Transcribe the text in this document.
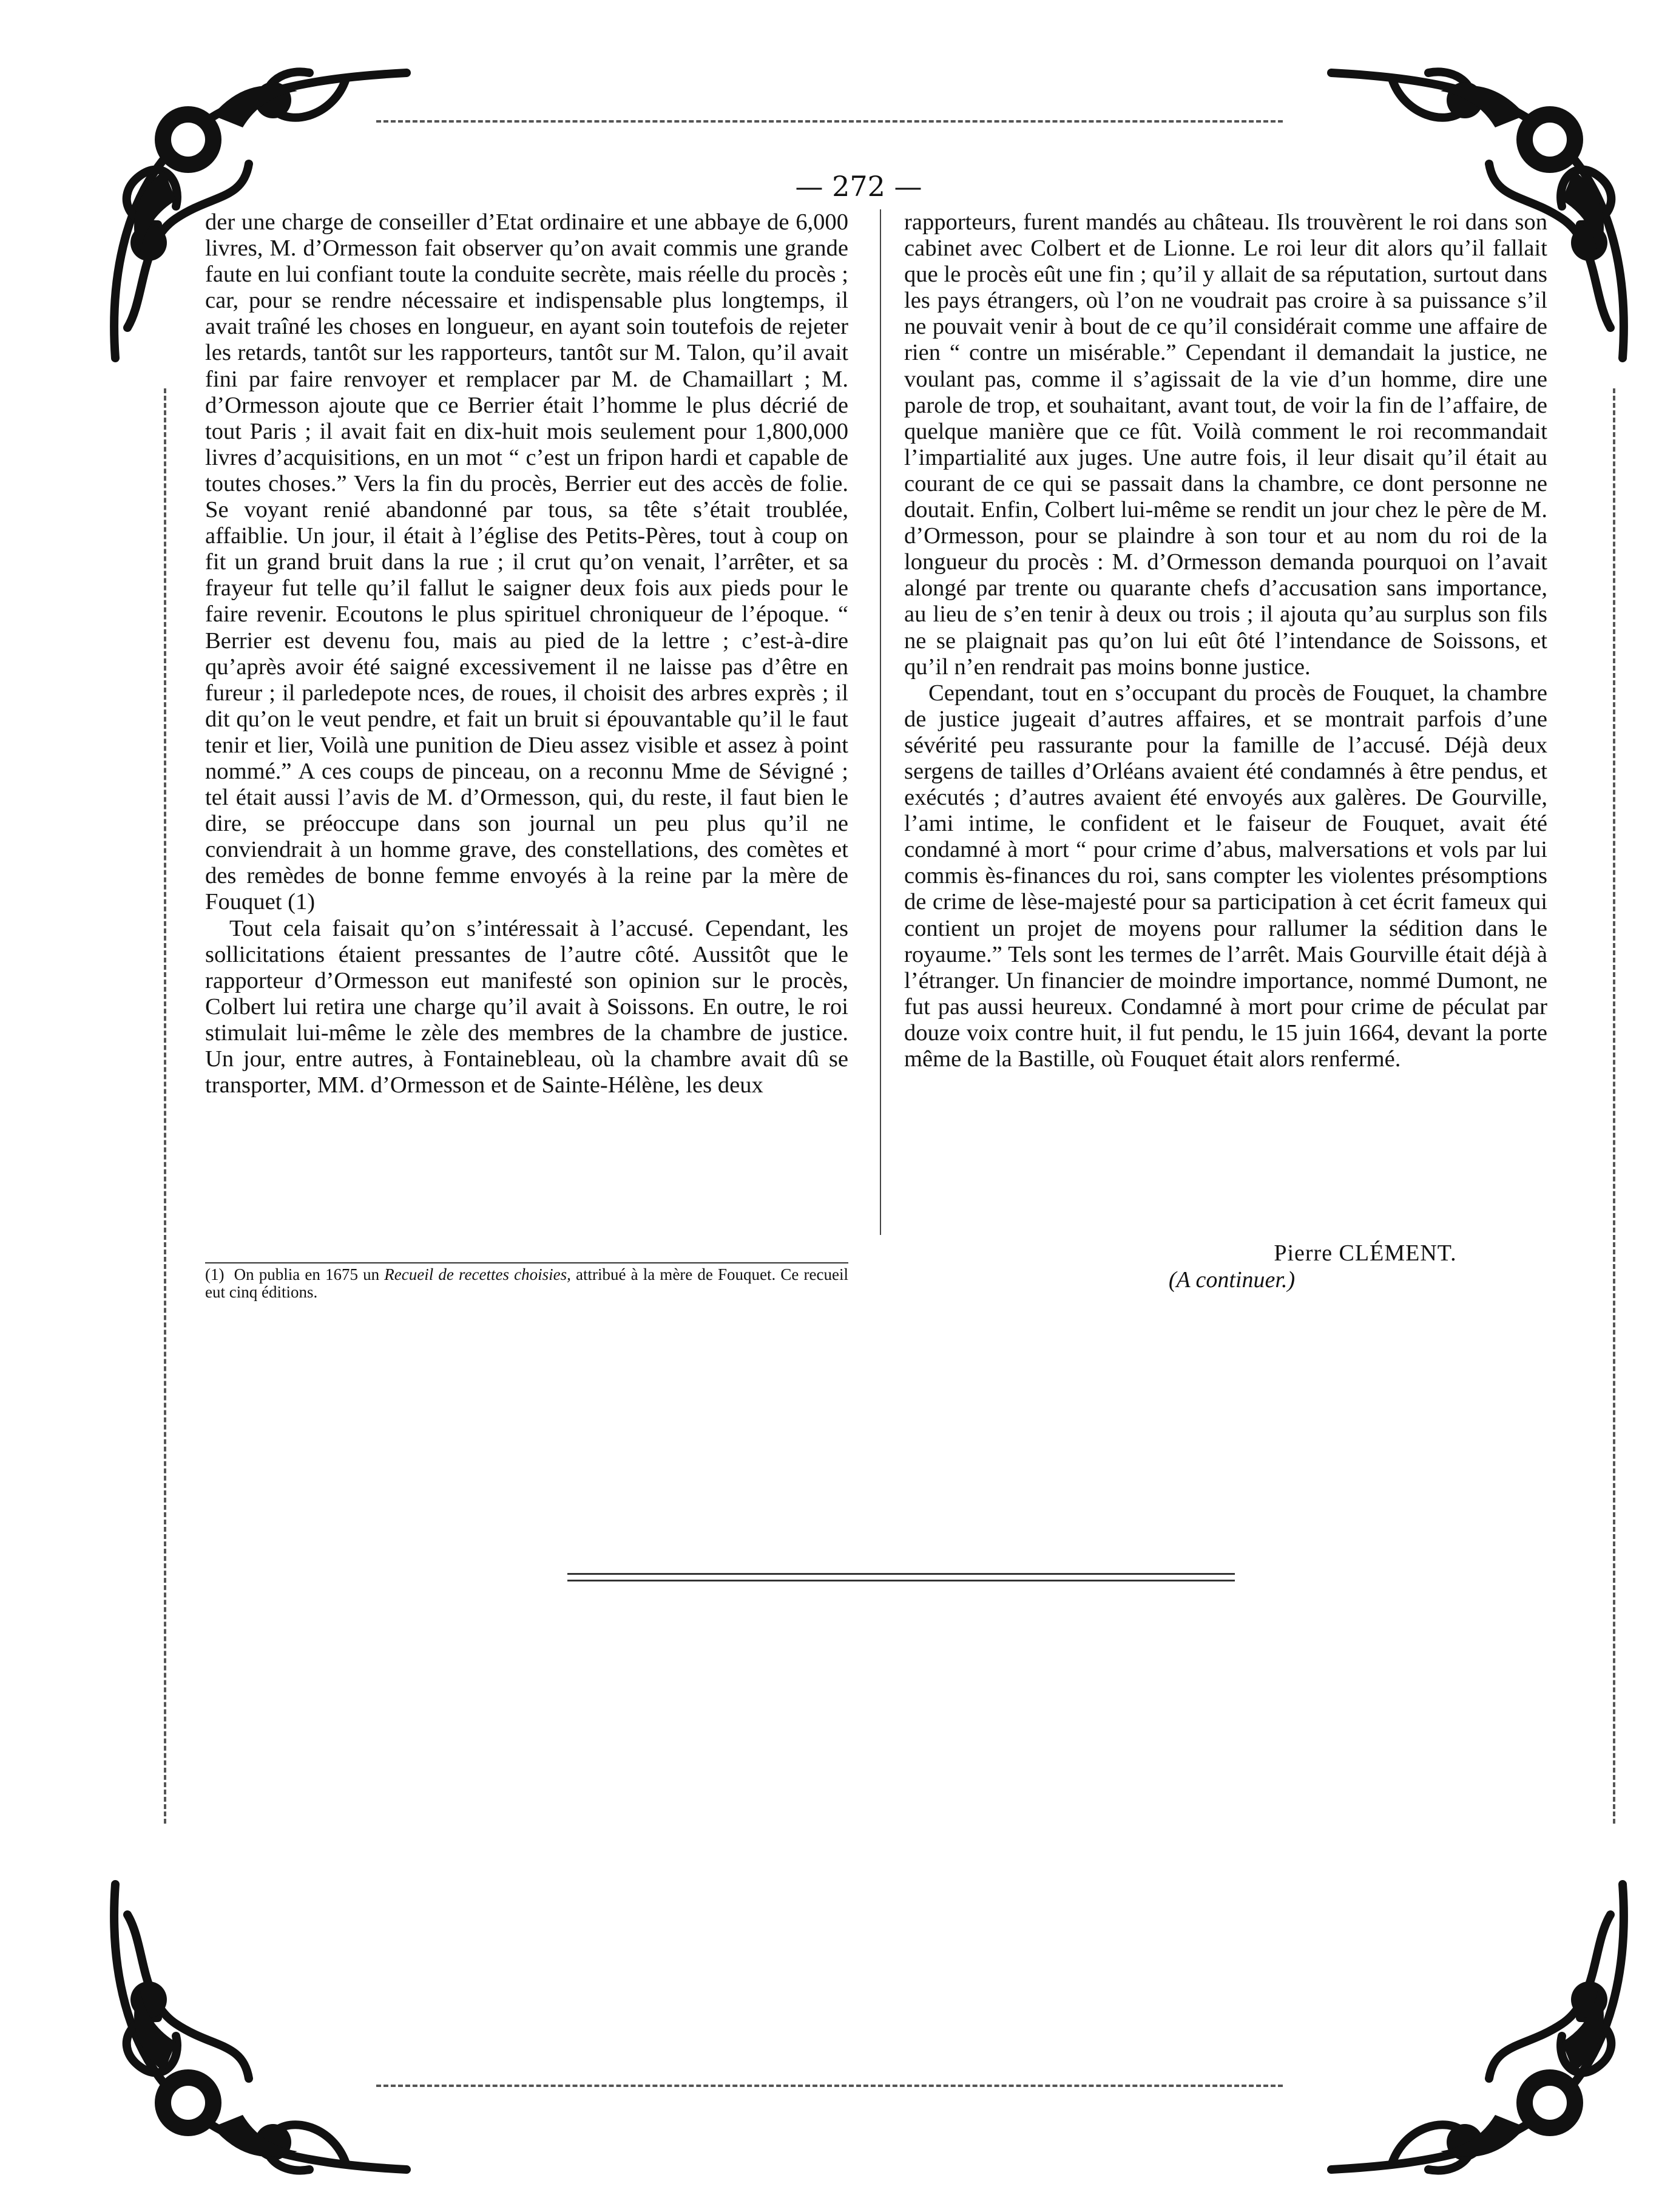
— 272 —

der une charge de conseiller d’Etat ordinaire et une abbaye de 6,000 livres, M. d’Ormesson fait observer qu’on avait commis une grande faute en lui confiant toute la conduite secrète, mais réelle du procès ; car, pour se rendre nécessaire et indispensable plus longtemps, il avait traîné les choses en longueur, en ayant soin toutefois de rejeter les retards, tantôt sur les rapporteurs, tantôt sur M. Talon, qu’il avait fini par faire renvoyer et remplacer par M. de Chamaillart ; M. d’Ormesson ajoute que ce Berrier était l’homme le plus décrié de tout Paris ; il avait fait en dix-huit mois seulement pour 1,800,000 livres d’acquisitions, en un mot “ c’est un fripon hardi et capable de toutes choses.” Vers la fin du procès, Berrier eut des accès de folie. Se voyant renié abandonné par tous, sa tête s’était troublée, affaiblie. Un jour, il était à l’église des Petits-Pères, tout à coup on fit un grand bruit dans la rue ; il crut qu’on venait, l’arrêter, et sa frayeur fut telle qu’il fallut le saigner deux fois aux pieds pour le faire revenir. Ecoutons le plus spirituel chroniqueur de l’époque. “ Berrier est devenu fou, mais au pied de la lettre ; c’est-à-dire qu’après avoir été saigné excessivement il ne laisse pas d’être en fureur ; il parledepote nces, de roues, il choisit des arbres exprès ; il dit qu’on le veut pendre, et fait un bruit si épouvantable qu’il le faut tenir et lier, Voilà une punition de Dieu assez visible et assez à point nommé.” A ces coups de pinceau, on a reconnu Mme de Sévigné ; tel était aussi l’avis de M. d’Ormesson, qui, du reste, il faut bien le dire, se préoccupe dans son journal un peu plus qu’il ne conviendrait à un homme grave, des constellations, des comètes et des remèdes de bonne femme envoyés à la reine par la mère de Fouquet (1)

Tout cela faisait qu’on s’intéressait à l’accusé. Cependant, les sollicitations étaient pressantes de l’autre côté. Aussitôt que le rapporteur d’Ormesson eut manifesté son opinion sur le procès, Colbert lui retira une charge qu’il avait à Soissons. En outre, le roi stimulait lui-même le zèle des membres de la chambre de justice. Un jour, entre autres, à Fontainebleau, où la chambre avait dû se transporter, MM. d’Ormesson et de Sainte-Hélène, les deux

rapporteurs, furent mandés au château. Ils trouvèrent le roi dans son cabinet avec Colbert et de Lionne. Le roi leur dit alors qu’il fallait que le procès eût une fin ; qu’il y allait de sa réputation, surtout dans les pays étrangers, où l’on ne voudrait pas croire à sa puissance s’il ne pouvait venir à bout de ce qu’il considérait comme une affaire de rien “ contre un misérable.” Cependant il demandait la justice, ne voulant pas, comme il s’agissait de la vie d’un homme, dire une parole de trop, et souhaitant, avant tout, de voir la fin de l’affaire, de quelque manière que ce fût. Voilà comment le roi recommandait l’impartialité aux juges. Une autre fois, il leur disait qu’il était au courant de ce qui se passait dans la chambre, ce dont personne ne doutait. Enfin, Colbert lui-même se rendit un jour chez le père de M. d’Ormesson, pour se plaindre à son tour et au nom du roi de la longueur du procès : M. d’Ormesson demanda pourquoi on l’avait alongé par trente ou quarante chefs d’accusation sans importance, au lieu de s’en tenir à deux ou trois ; il ajouta qu’au surplus son fils ne se plaignait pas qu’on lui eût ôté l’intendance de Soissons, et qu’il n’en rendrait pas moins bonne justice.

Cependant, tout en s’occupant du procès de Fouquet, la chambre de justice jugeait d’autres affaires, et se montrait parfois d’une sévérité peu rassurante pour la famille de l’accusé. Déjà deux sergens de tailles d’Orléans avaient été condamnés à être pendus, et exécutés ; d’autres avaient été envoyés aux galères. De Gourville, l’ami intime, le confident et le faiseur de Fouquet, avait été condamné à mort “ pour crime d’abus, malversations et vols par lui commis ès-finances du roi, sans compter les violentes présomptions de crime de lèse-majesté pour sa participation à cet écrit fameux qui contient un projet de moyens pour rallumer la sédition dans le royaume.” Tels sont les termes de l’arrêt. Mais Gourville était déjà à l’étranger. Un financier de moindre importance, nommé Dumont, ne fut pas aussi heureux. Condamné à mort pour crime de péculat par douze voix contre huit, il fut pendu, le 15 juin 1664, devant la porte même de la Bastille, où Fouquet était alors renfermé.

(1) On publia en 1675 un Recueil de recettes choisies, attribué à la mère de Fouquet. Ce recueil eut cinq éditions.
Pierre CLÉMENT.
(A continuer.)
